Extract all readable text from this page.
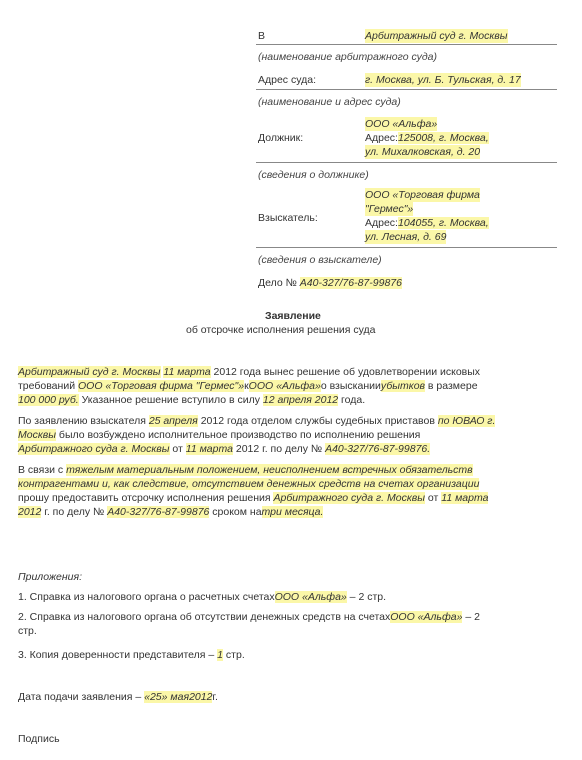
В	Арбитражный суд г. Москвы
(наименование арбитражного суда)
Адрес суда:	г. Москва, ул. Б. Тульская, д. 17
(наименование и адрес суда)
Должник:
ООО «Альфа»
Адрес:125008, г. Москва,
ул. Михалковская, д. 20
(сведения о должнике)
Взыскатель:
ООО «Торговая фирма
"Гермес"»
Адрес:104055, г. Москва,
ул. Лесная, д. 69
(сведения о взыскателе)
Дело № А40-327/76-87-99876
Заявление
об отсрочке исполнения решения суда
Арбитражный суд г. Москвы 11 марта 2012 года вынес решение об удовлетворении исковых
требований ООО «Торговая фирма "Гермес"»кООО «Альфа»о взысканииубытков в размере
100 000 руб. Указанное решение вступило в силу 12 апреля 2012 года.
По заявлению взыскателя 25 апреля 2012 года отделом службы судебных приставов по ЮВАО г.
Москвы было возбуждено исполнительное производство по исполнению решения
Арбитражного суда г. Москвы от 11 марта 2012 г. по делу № А40-327/76-87-99876.
В связи с тяжелым материальным положением, неисполнением встречных обязательств
контрагентами и, как следствие, отсутствием денежных средств на счетах организации
прошу предоставить отсрочку исполнения решения Арбитражного суда г. Москвы от 11 марта
2012 г. по делу № А40-327/76-87-99876 сроком натри месяца.
Приложения:
1. Справка из налогового органа о расчетных счетахООО «Альфа» – 2 стр.
2. Справка из налогового органа об отсутствии денежных средств на счетахООО «Альфа» – 2
стр.
3. Копия доверенности представителя – 1 стр.
Дата подачи заявления – «25» мая2012г.
Подпись
